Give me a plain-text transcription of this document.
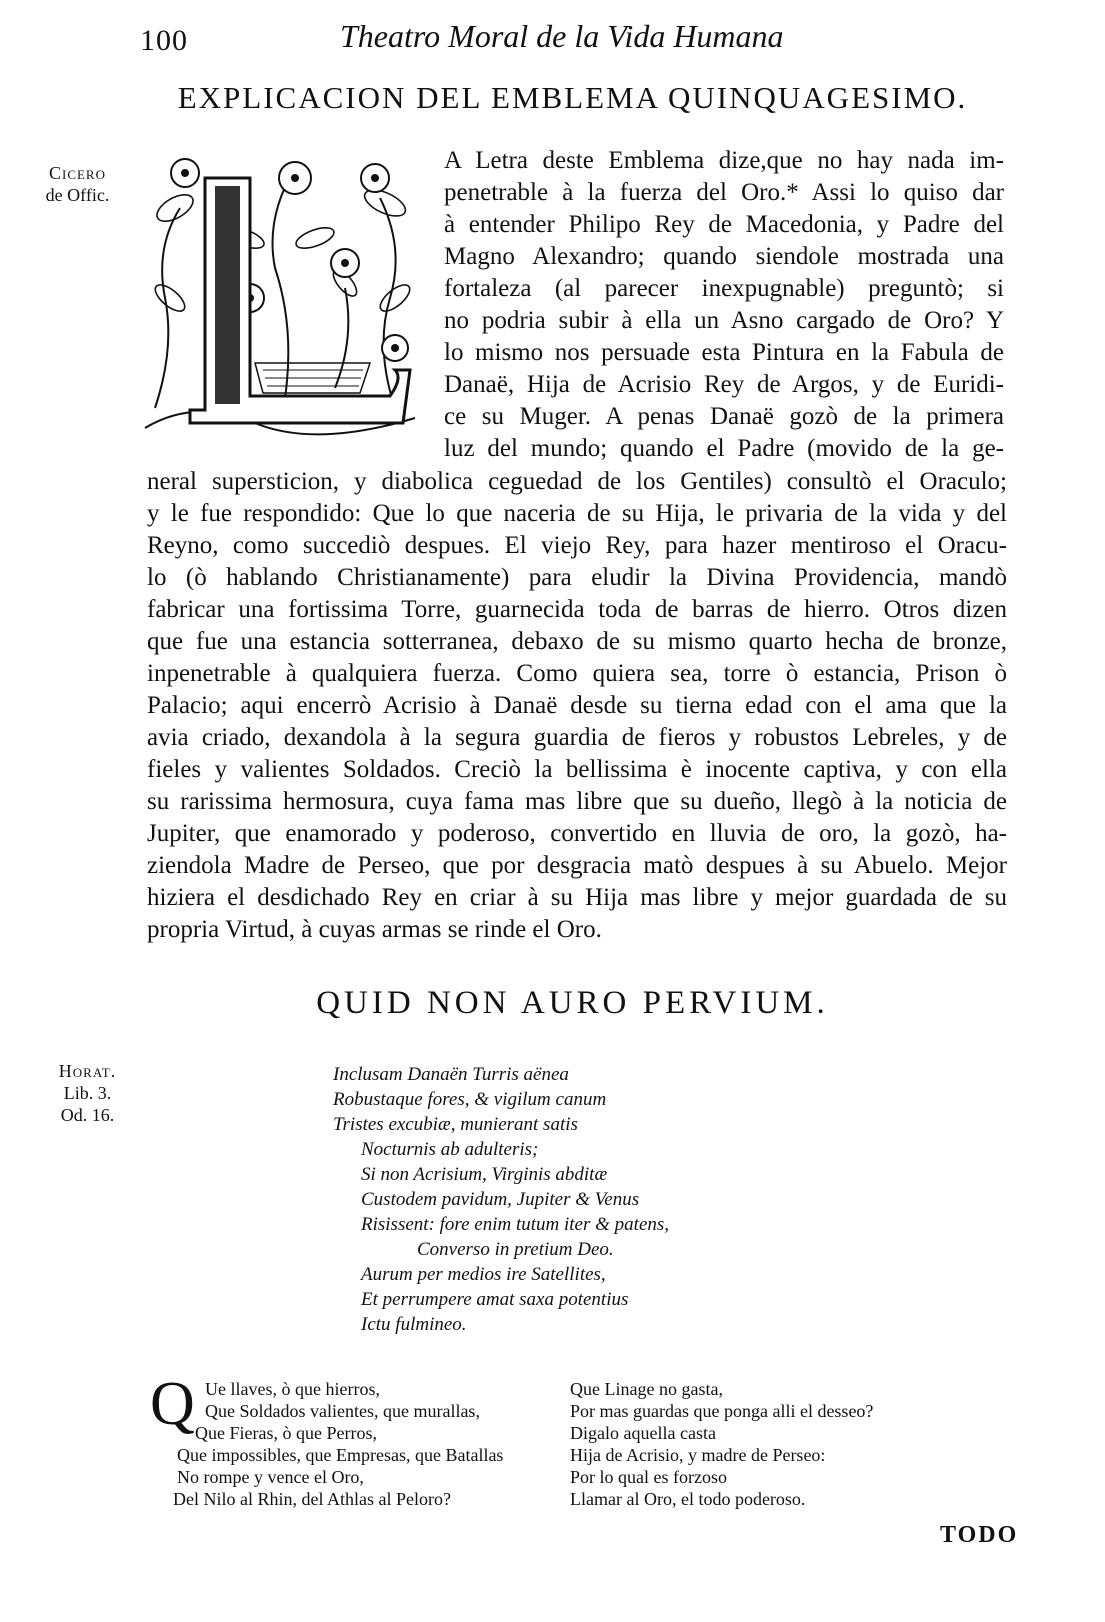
100	Theatro Moral de la Vida Humana
EXPLICACION DEL EMBLEMA QUINQUAGESIMO.
Cicero
de Offic.
A Letra deste Emblema dize,que no hay nada im-
penetrable à la fuerza del Oro.* Assi lo quiso dar
à entender Philipo Rey de Macedonia, y Padre del
Magno Alexandro; quando siendole mostrada una
fortaleza (al parecer inexpugnable) preguntò; si
no podria subir à ella un Asno cargado de Oro? Y
lo mismo nos persuade esta Pintura en la Fabula de
Danaë, Hija de Acrisio Rey de Argos, y de Euridi-
ce su Muger. A penas Danaë gozò de la primera
luz del mundo; quando el Padre (movido de la ge-
neral supersticion, y diabolica ceguedad de los Gentiles) consultò el Oraculo;
y le fue respondido: Que lo que naceria de su Hija, le privaria de la vida y del
Reyno, como succediò despues. El viejo Rey, para hazer mentiroso el Oracu-
lo (ò hablando Christianamente) para eludir la Divina Providencia, mandò
fabricar una fortissima Torre, guarnecida toda de barras de hierro. Otros dizen
que fue una estancia sotterranea, debaxo de su mismo quarto hecha de bronze,
inpenetrable à qualquiera fuerza. Como quiera sea, torre ò estancia, Prison ò
Palacio; aqui encerrò Acrisio à Danaë desde su tierna edad con el ama que la
avia criado, dexandola à la segura guardia de fieros y robustos Lebreles, y de
fieles y valientes Soldados. Creciò la bellissima è inocente captiva, y con ella
su rarissima hermosura, cuya fama mas libre que su dueño, llegò à la noticia de
Jupiter, que enamorado y poderoso, convertido en lluvia de oro, la gozò, ha-
ziendola Madre de Perseo, que por desgracia matò despues à su Abuelo. Mejor
hiziera el desdichado Rey en criar à su Hija mas libre y mejor guardada de su
propria Virtud, à cuyas armas se rinde el Oro.
QUID NON AURO PERVIUM.
Horat.
Lib. 3.
Od. 16.
Inclusam Danaën Turris aënea
Robustaque fores, & vigilum canum
Tristes excubiæ, munierant satis
Nocturnis ab adulteris;
Si non Acrisium, Virginis abditæ
Custodem pavidum, Jupiter & Venus
Risissent: fore enim tutum iter & patens,
Converso in pretium Deo.
Aurum per medios ire Satellites,
Et perrumpere amat saxa potentius
Ictu fulmineo.
Q Ue llaves, ò que hierros,
Que Soldados valientes, que murallas,
Que Fieras, ò que Perros,
Que impossibles, que Empresas, que Batallas
No rompe y vence el Oro,
Del Nilo al Rhin, del Athlas al Peloro?
Que Linage no gasta,
Por mas guardas que ponga alli el desseo?
Digalo aquella casta
Hija de Acrisio, y madre de Perseo:
Por lo qual es forzoso
Llamar al Oro, el todo poderoso.
TODO
